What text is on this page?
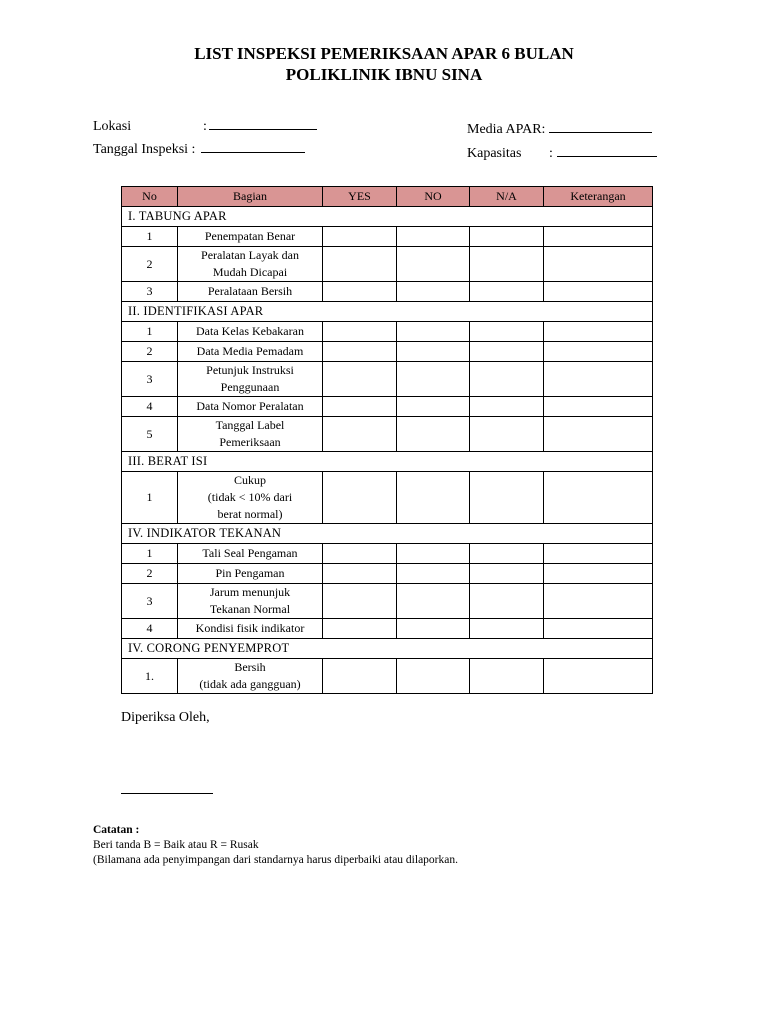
LIST INSPEKSI PEMERIKSAAN APAR 6 BULAN
POLIKLINIK IBNU SINA
Lokasi	:
Tanggal Inspeksi :
Media APAR:
Kapasitas :
No	Bagian	YES	NO	N/A	Keterangan
I. TABUNG APAR					
1	Penempatan Benar				

2	Peralatan Layak dan
Mudah Dicapai				

3	Peralataan Bersih				

II. IDENTIFIKASI APAR					
1	Data Kelas Kebakaran				

2	Data Media Pemadam				

3	Petunjuk Instruksi
Penggunaan				

4	Data Nomor Peralatan				

5	Tanggal Label
Pemeriksaan				

III. BERAT ISI					
1	Cukup
(tidak < 10% dari
berat normal)				

IV. INDIKATOR TEKANAN					
1	Tali Seal Pengaman				

2	Pin Pengaman				

3	Jarum menunjuk
Tekanan Normal				

4	Kondisi fisik indikator				

IV. CORONG PENYEMPROT					
1.	Bersih
(tidak ada gangguan)				

Diperiksa Oleh,
Catatan :
Beri tanda B = Baik atau R = Rusak
(Bilamana ada penyimpangan dari standarnya harus diperbaiki atau dilaporkan.
